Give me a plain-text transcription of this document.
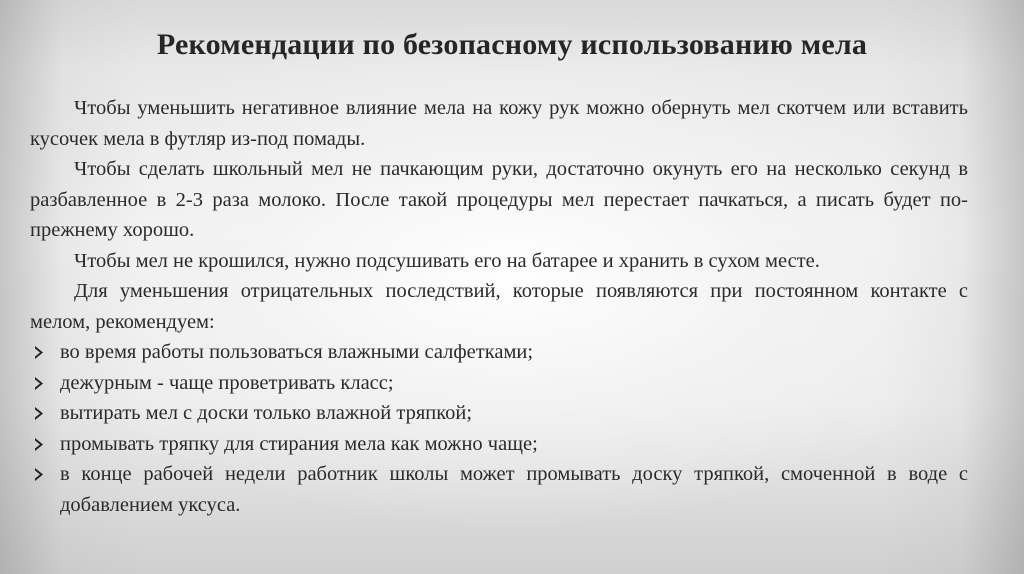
Рекомендации по безопасному использованию мела

Чтобы уменьшить негативное влияние мела на кожу рук можно обернуть мел скотчем или вставить кусочек мела в футляр из-под помады.

Чтобы сделать школьный мел не пачкающим руки, достаточно окунуть его на несколько секунд в разбавленное в 2-3 раза молоко. После такой процедуры мел перестает пачкаться, а писать будет по-прежнему хорошо.

Чтобы мел не крошился, нужно подсушивать его на батарее и хранить в сухом месте.

Для уменьшения отрицательных последствий, которые появляются при постоянном контакте с мелом, рекомендуем:

во время работы пользоваться влажными салфетками;
дежурным - чаще проветривать класс;
вытирать мел с доски только влажной тряпкой;
промывать тряпку для стирания мела как можно чаще;
в конце рабочей недели работник школы может промывать доску тряпкой, смоченной в воде с добавлением уксуса.
